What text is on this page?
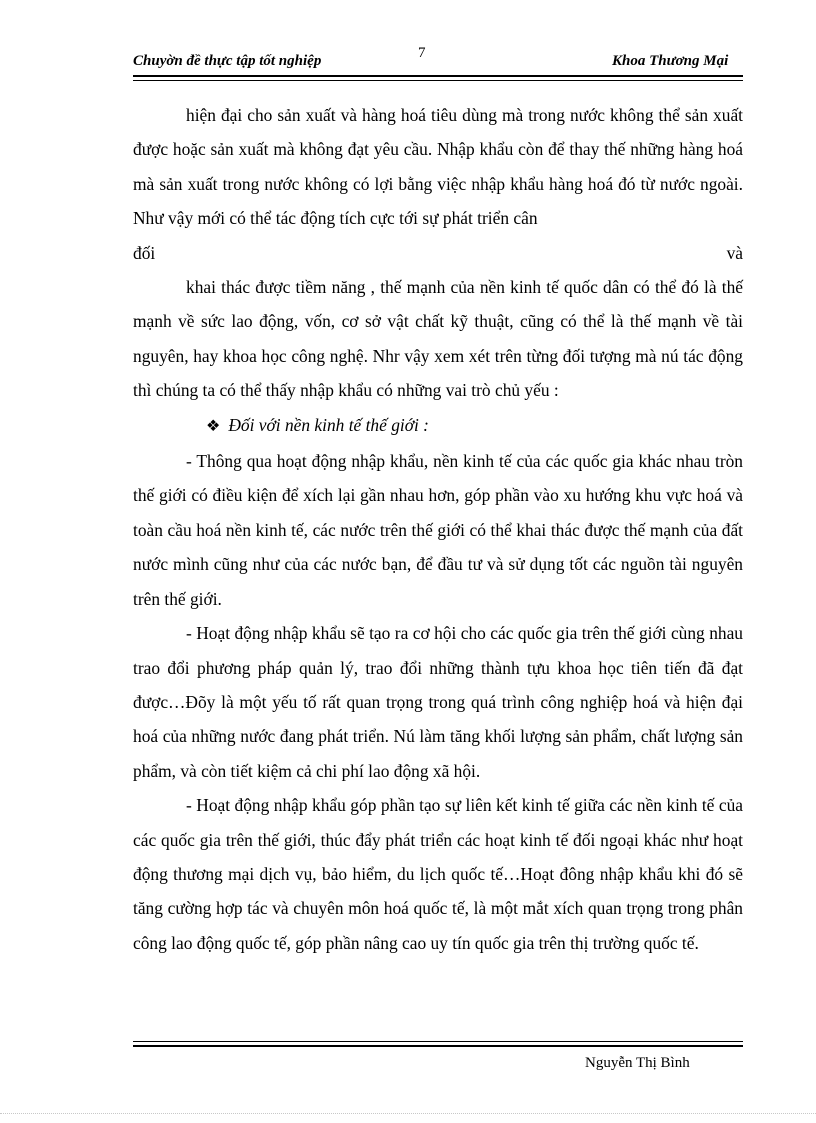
Chuyờn đề thực tập tốt nghiệp	7	Khoa Thương Mại

hiện đại cho sản xuất và hàng hoá tiêu dùng mà trong nước không thể sản xuất được hoặc sản xuất mà không đạt yêu cầu. Nhập khẩu còn để thay thế những hàng hoá mà sản xuất trong nước không có lợi bằng việc nhập khẩu hàng hoá đó từ nước ngoài. Như vậy mới có thể tác động tích cực tới sự phát triển cân

đối	và

khai thác được tiềm năng , thế mạnh của nền kinh tế quốc dân có thể đó là thế mạnh về sức lao động, vốn, cơ sở vật chất kỹ thuật, cũng có thể là thế mạnh về tài nguyên, hay khoa học công nghệ. Nhr vậy xem xét trên từng đối tượng mà nú tác động thì chúng ta có thể thấy nhập khẩu có những vai trò chủ yếu :

❖ Đối với nền kinh tế thế giới :

- Thông qua hoạt động nhập khẩu, nền kinh tế của các quốc gia khác nhau tròn thế giới có điều kiện để xích lại gần nhau hơn, góp phần vào xu hướng khu vực hoá và toàn cầu hoá nền kinh tế, các nước trên thế giới có thể khai thác được thế mạnh của đất nước mình cũng như của các nước bạn, để đầu tư và sử dụng tốt các nguồn tài nguyên trên thế giới.

- Hoạt động nhập khẩu sẽ tạo ra cơ hội cho các quốc gia trên thế giới cùng nhau trao đổi phương pháp quản lý, trao đổi những thành tựu khoa học tiên tiến đã đạt được…Đõy là một yếu tố rất quan trọng trong quá trình công nghiệp hoá và hiện đại hoá của những nước đang phát triển. Nú làm tăng khối lượng sản phẩm, chất lượng sản phẩm, và còn tiết kiệm cả chi phí lao động xã hội.

- Hoạt động nhập khẩu góp phần tạo sự liên kết kinh tế giữa các nền kinh tế của các quốc gia trên thế giới, thúc đẩy phát triển các hoạt kinh tế đối ngoại khác như hoạt động thương mại dịch vụ, bảo hiểm, du lịch quốc tế…Hoạt đông nhập khẩu khi đó sẽ tăng cường hợp tác và chuyên môn hoá quốc tế, là một mắt xích quan trọng trong phân công lao động quốc tế, góp phần nâng cao uy tín quốc gia trên thị trường quốc tế.

Nguyễn Thị Bình
